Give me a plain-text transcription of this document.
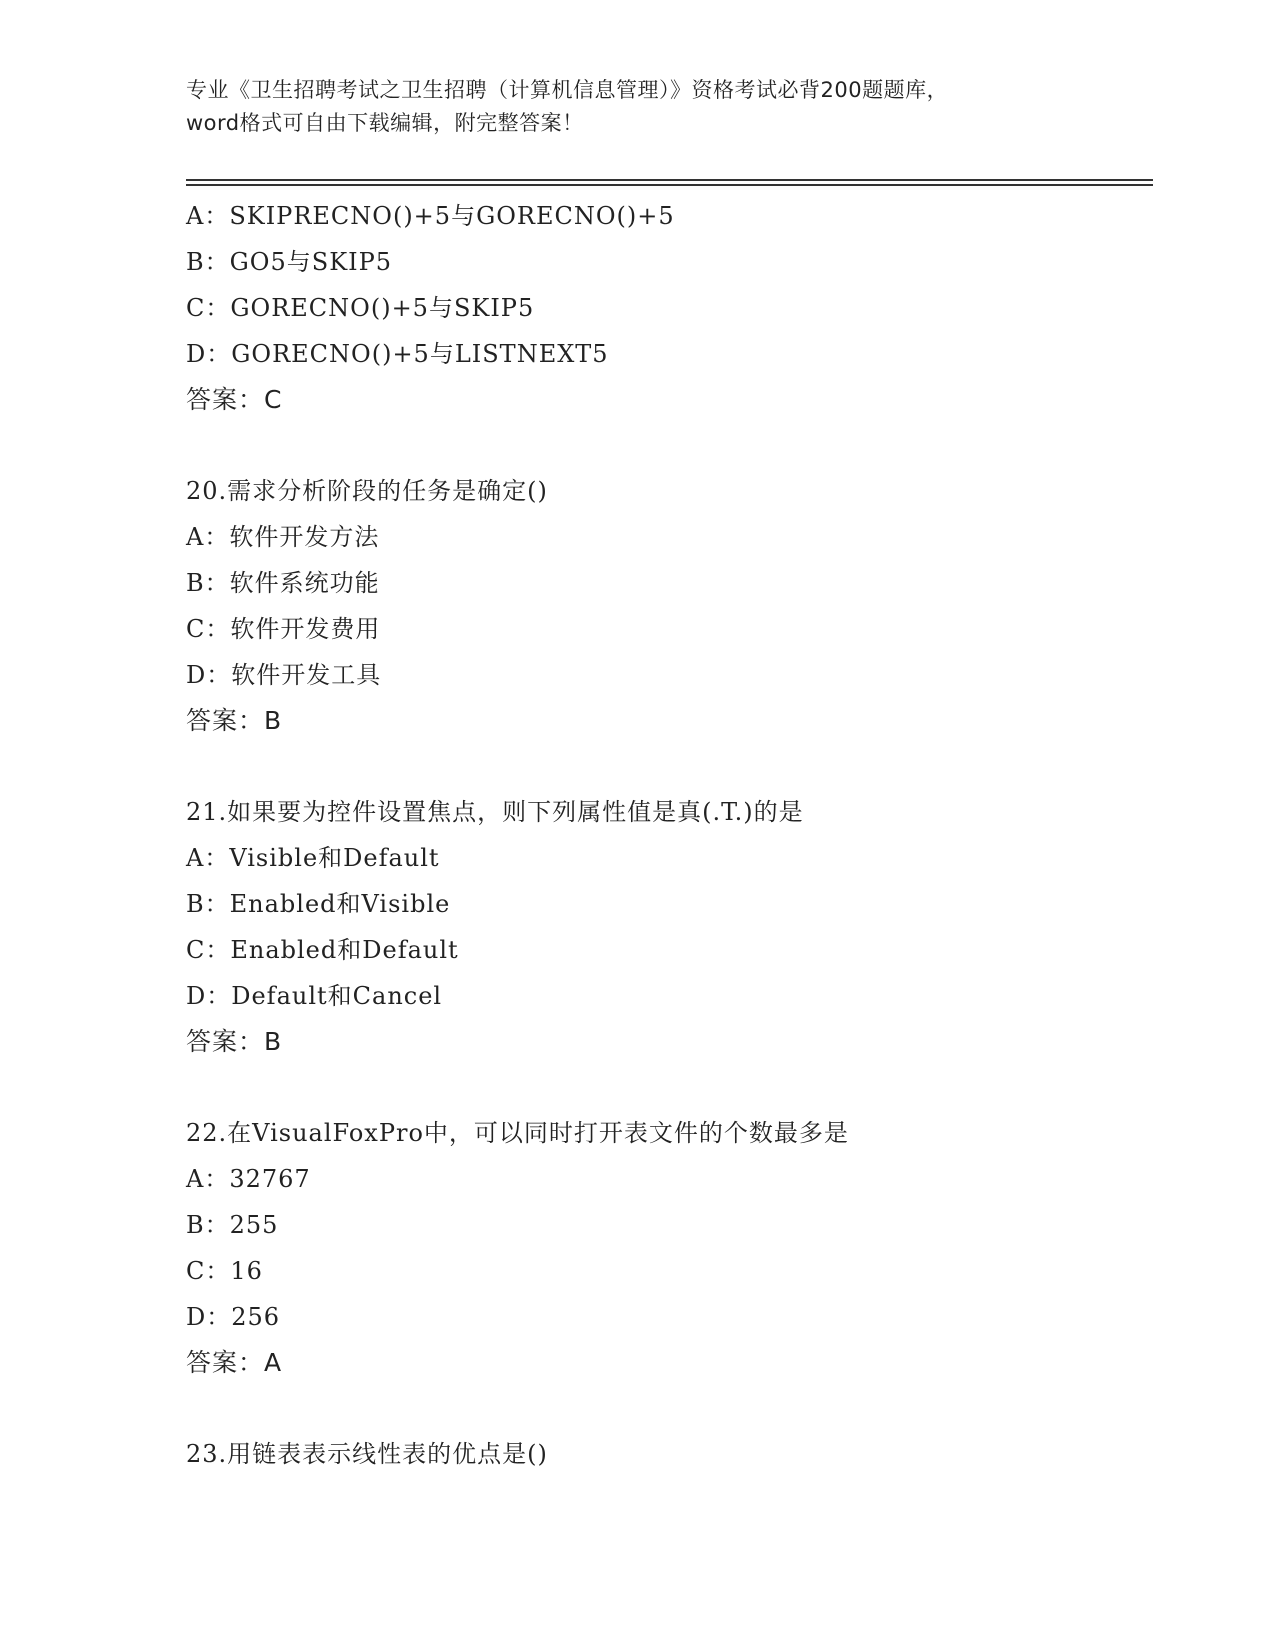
专业《卫生招聘考试之卫生招聘（计算机信息管理）》资格考试必背200题题库，
word格式可自由下载编辑，附完整答案！
A：SKIPRECNO()+5与GORECNO()+5
B：GO5与SKIP5
C：GORECNO()+5与SKIP5
D：GORECNO()+5与LISTNEXT5
答案：C
20.需求分析阶段的任务是确定()
A：软件开发方法
B：软件系统功能
C：软件开发费用
D：软件开发工具
答案：B
21.如果要为控件设置焦点，则下列属性值是真(.T.)的是
A：Visible和Default
B：Enabled和Visible
C：Enabled和Default
D：Default和Cancel
答案：B
22.在VisualFoxPro中，可以同时打开表文件的个数最多是
A：32767
B：255
C：16
D：256
答案：A
23.用链表表示线性表的优点是()
